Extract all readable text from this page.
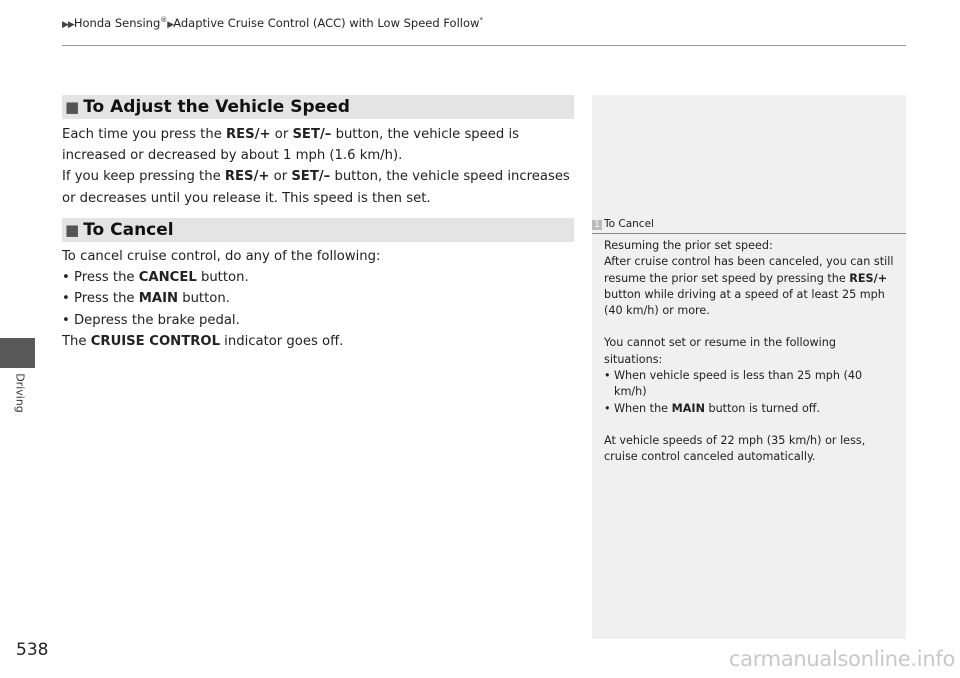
▶▶Honda Sensing®▶Adaptive Cruise Control (ACC) with Low Speed Follow*
Driving
■ To Adjust the Vehicle Speed

Each time you press the RES/+ or SET/– button, the vehicle speed is increased or decreased by about 1 mph (1.6 km/h).

If you keep pressing the RES/+ or SET/– button, the vehicle speed increases or decreases until you release it. This speed is then set.

■ To Cancel

To cancel cruise control, do any of the following:

• Press the CANCEL button.
• Press the MAIN button.
• Depress the brake pedal.

The CRUISE CONTROL indicator goes off.

1 To Cancel

Resuming the prior set speed:

After cruise control has been canceled, you can still resume the prior set speed by pressing the RES/+ button while driving at a speed of at least 25 mph (40 km/h) or more.

You cannot set or resume in the following situations:

• When vehicle speed is less than 25 mph (40 km/h)
• When the MAIN button is turned off.

At vehicle speeds of 22 mph (35 km/h) or less, cruise control canceled automatically.

538	carmanualsonline.info
